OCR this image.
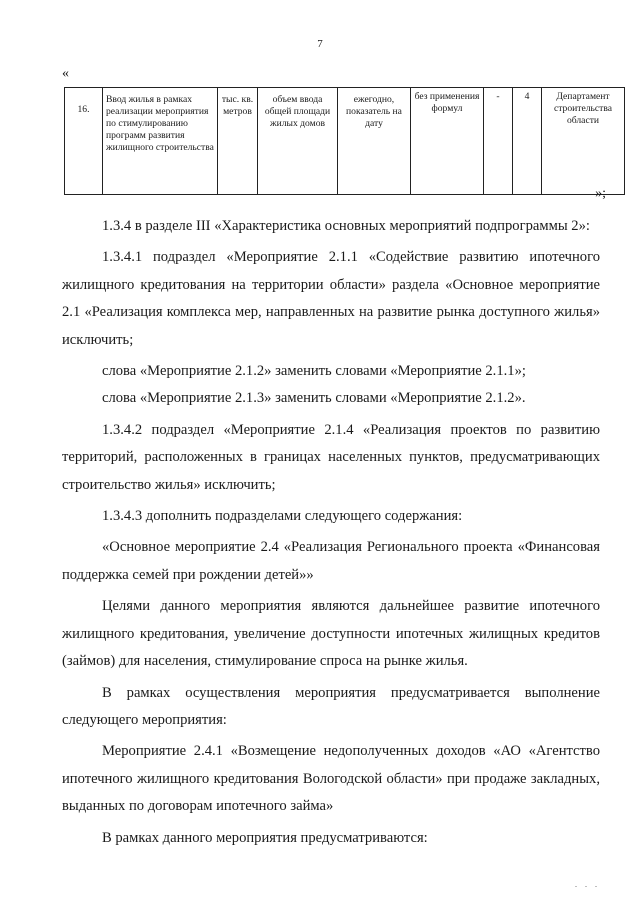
7
«
16.	Ввод жилья в рамках реализации мероприятия по стимулированию программ развития жилищного строительства	тыс. кв. метров	объем ввода общей площади жилых домов	ежегодно, показатель на дату	без применения формул	-	4	Департамент строительства области
»;

1.3.4 в разделе III «Характеристика основных мероприятий подпрограммы 2»:

1.3.4.1 подраздел «Мероприятие 2.1.1 «Содействие развитию ипотечного жилищного кредитования на территории области» раздела «Основное мероприятие 2.1 «Реализация комплекса мер, направленных на развитие рынка доступного жилья» исключить;

слова «Мероприятие 2.1.2» заменить словами «Мероприятие 2.1.1»;

слова «Мероприятие 2.1.3» заменить словами «Мероприятие 2.1.2».

1.3.4.2 подраздел «Мероприятие 2.1.4 «Реализация проектов по развитию территорий, расположенных в границах населенных пунктов, предусматривающих строительство жилья» исключить;

1.3.4.3 дополнить подразделами следующего содержания:

«Основное мероприятие 2.4 «Реализация Регионального проекта «Финансовая поддержка семей при рождении детей»»

Целями данного мероприятия являются дальнейшее развитие ипотечного жилищного кредитования, увеличение доступности ипотечных жилищных кредитов (займов) для населения, стимулирование спроса на рынке жилья.

В рамках осуществления мероприятия предусматривается выполнение следующего мероприятия:

Мероприятие 2.4.1 «Возмещение недополученных доходов «АО «Агентство ипотечного жилищного кредитования Вологодской области» при продаже закладных, выданных по договорам ипотечного займа»

В рамках данного мероприятия предусматриваются:

. . .
